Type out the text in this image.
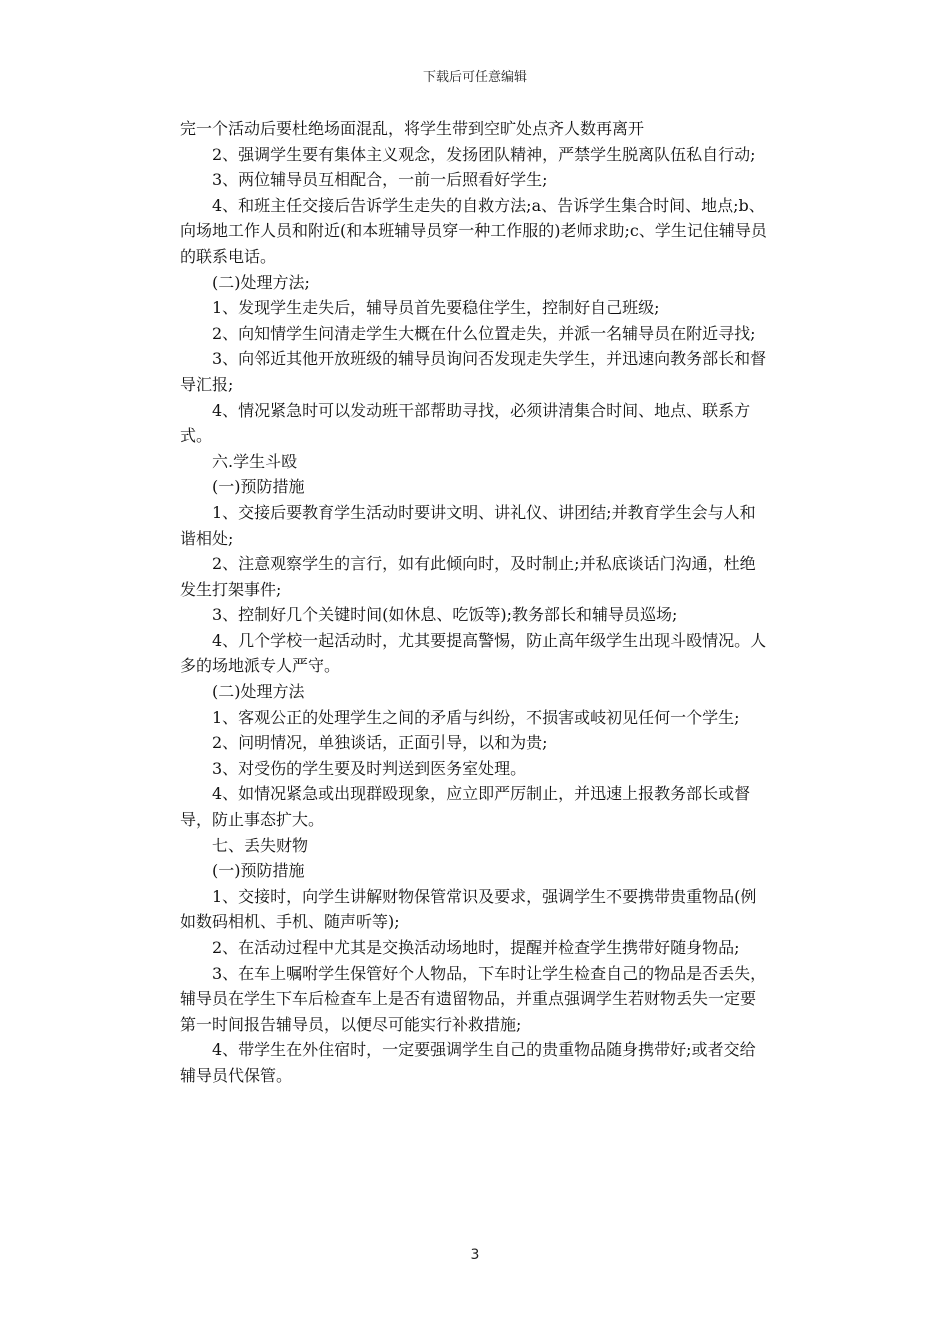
下载后可任意编辑

完一个活动后要杜绝场面混乱，将学生带到空旷处点齐人数再离开

2、强调学生要有集体主义观念，发扬团队精神，严禁学生脱离队伍私自行动;

3、两位辅导员互相配合，一前一后照看好学生;

4、和班主任交接后告诉学生走失的自救方法;a、告诉学生集合时间、地点;b、向场地工作人员和附近(和本班辅导员穿一种工作服的)老师求助;c、学生记住辅导员的联系电话。

(二)处理方法;

1、发现学生走失后，辅导员首先要稳住学生，控制好自己班级;

2、向知情学生问清走学生大概在什么位置走失，并派一名辅导员在附近寻找;

3、向邻近其他开放班级的辅导员询问否发现走失学生，并迅速向教务部长和督导汇报;

4、情况紧急时可以发动班干部帮助寻找，必须讲清集合时间、地点、联系方式。

六.学生斗殴

(一)预防措施

1、交接后要教育学生活动时要讲文明、讲礼仪、讲团结;并教育学生会与人和谐相处;

2、注意观察学生的言行，如有此倾向时，及时制止;并私底谈话门沟通，杜绝发生打架事件;

3、控制好几个关键时间(如休息、吃饭等);教务部长和辅导员巡场;

4、几个学校一起活动时，尤其要提高警惕，防止高年级学生出现斗殴情况。人多的场地派专人严守。

(二)处理方法

1、客观公正的处理学生之间的矛盾与纠纷，不损害或岐初见任何一个学生;

2、问明情况，单独谈话，正面引导，以和为贵;

3、对受伤的学生要及时判送到医务室处理。

4、如情况紧急或出现群殴现象，应立即严厉制止，并迅速上报教务部长或督导，防止事态扩大。

七、丢失财物

(一)预防措施

1、交接时，向学生讲解财物保管常识及要求，强调学生不要携带贵重物品(例如数码相机、手机、随声听等);

2、在活动过程中尤其是交换活动场地时，提醒并检查学生携带好随身物品;

3、在车上嘱咐学生保管好个人物品，下车时让学生检查自己的物品是否丢失，辅导员在学生下车后检查车上是否有遗留物品，并重点强调学生若财物丢失一定要第一时间报告辅导员，以便尽可能实行补救措施;

4、带学生在外住宿时，一定要强调学生自己的贵重物品随身携带好;或者交给辅导员代保管。

3
